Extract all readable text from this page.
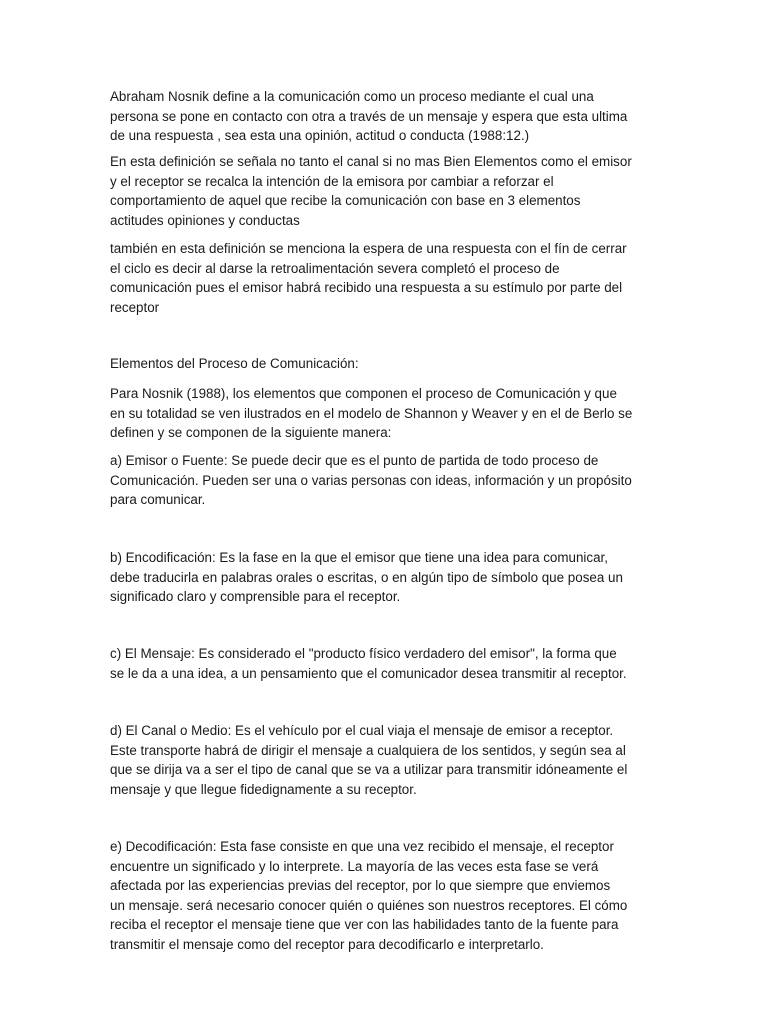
Abraham Nosnik define a la comunicación como un proceso mediante el cual una
persona se pone en contacto con otra a través de un mensaje y espera que esta ultima
de una respuesta , sea esta una opinión, actitud o conducta (1988:12.)

En esta definición se señala no tanto el canal si no mas Bien Elementos como el emisor
y el receptor se recalca la intención de la emisora por cambiar a reforzar el
comportamiento de aquel que recibe la comunicación con base en 3 elementos
actitudes opiniones y conductas

también en esta definición se menciona la espera de una respuesta con el fín de cerrar
el ciclo es decir al darse la retroalimentación severa completó el proceso de
comunicación pues el emisor habrá recibido una respuesta a su estímulo por parte del
receptor

Elementos del Proceso de Comunicación:

Para Nosnik (1988), los elementos que componen el proceso de Comunicación y que
en su totalidad se ven ilustrados en el modelo de Shannon y Weaver y en el de Berlo se
definen y se componen de la siguiente manera:

a) Emisor o Fuente: Se puede decir que es el punto de partida de todo proceso de
Comunicación. Pueden ser una o varias personas con ideas, información y un propósito
para comunicar.

b) Encodificación: Es la fase en la que el emisor que tiene una idea para comunicar,
debe traducirla en palabras orales o escritas, o en algún tipo de símbolo que posea un
significado claro y comprensible para el receptor.

c) El Mensaje: Es considerado el "producto físico verdadero del emisor", la forma que
se le da a una idea, a un pensamiento que el comunicador desea transmitir al receptor.

d) El Canal o Medio: Es el vehículo por el cual viaja el mensaje de emisor a receptor.
Este transporte habrá de dirigir el mensaje a cualquiera de los sentidos, y según sea al
que se dirija va a ser el tipo de canal que se va a utilizar para transmitir idóneamente el
mensaje y que llegue fidedignamente a su receptor.

e) Decodificación: Esta fase consiste en que una vez recibido el mensaje, el receptor
encuentre un significado y lo interprete. La mayoría de las veces esta fase se verá
afectada por las experiencias previas del receptor, por lo que siempre que enviemos
un mensaje. será necesario conocer quién o quiénes son nuestros receptores. El cómo
reciba el receptor el mensaje tiene que ver con las habilidades tanto de la fuente para
transmitir el mensaje como del receptor para decodificarlo e interpretarlo.
